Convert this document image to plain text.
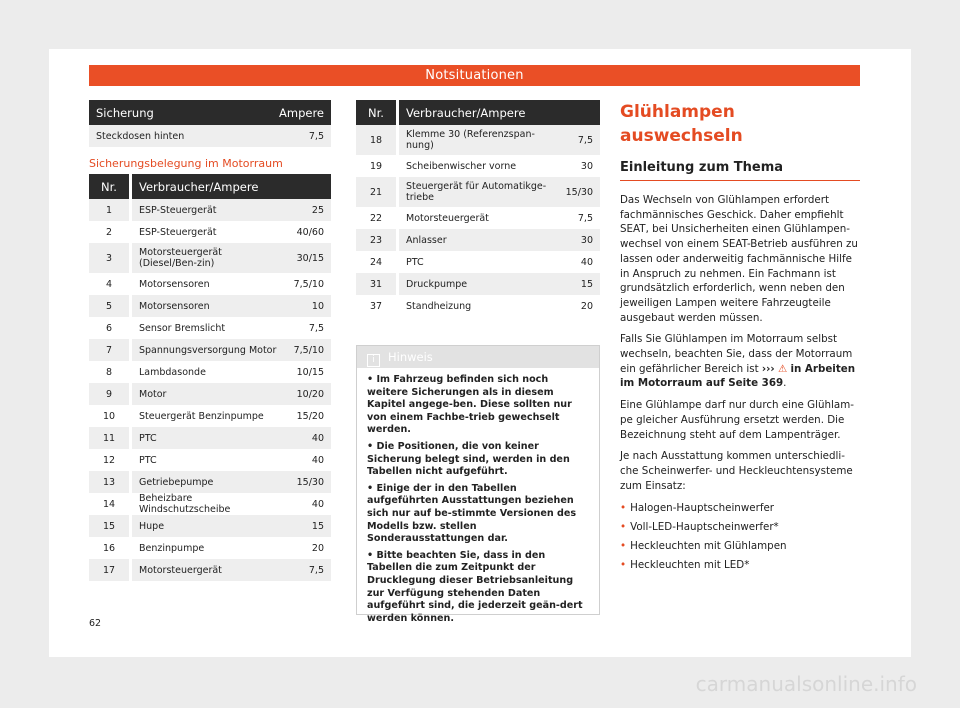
Notsituationen
Sicherung	Ampere
Steckdosen hinten	7,5
Sicherungsbelegung im Motorraum
Nr.	Verbraucher/Ampere	
1	ESP-Steuergerät	25
2	ESP-Steuergerät	40/60
3	Motorsteuergerät (Diesel/Ben-zin)	30/15
4	Motorsensoren	7,5/10
5	Motorsensoren	10
6	Sensor Bremslicht	7,5
7	Spannungsversorgung Motor	7,5/10
8	Lambdasonde	10/15
9	Motor	10/20
10	Steuergerät Benzinpumpe	15/20
11	PTC	40
12	PTC	40
13	Getriebepumpe	15/30
14	Beheizbare Windschutzscheibe	40
15	Hupe	15
16	Benzinpumpe	20
17	Motorsteuergerät	7,5
Nr.	Verbraucher/Ampere	
18	Klemme 30 (Referenzspan-nung)	7,5
19	Scheibenwischer vorne	30
21	Steuergerät für Automatikge-triebe	15/30
22	Motorsteuergerät	7,5
23	Anlasser	30
24	PTC	40
31	Druckpumpe	15
37	Standheizung	20
i Hinweis

• Im Fahrzeug befinden sich noch weitere Sicherungen als in diesem Kapitel angege-ben. Diese sollten nur von einem Fachbe-trieb gewechselt werden.

• Die Positionen, die von keiner Sicherung belegt sind, werden in den Tabellen nicht aufgeführt.

• Einige der in den Tabellen aufgeführten Ausstattungen beziehen sich nur auf be-stimmte Versionen des Modells bzw. stellen Sonderausstattungen dar.

• Bitte beachten Sie, dass in den Tabellen die zum Zeitpunkt der Drucklegung dieser Betriebsanleitung zur Verfügung stehenden Daten aufgeführt sind, die jederzeit geän-dert werden können.

Glühlampen auswechseln
Einleitung zum Thema

Das Wechseln von Glühlampen erfordert fachmännisches Geschick. Daher empfiehlt SEAT, bei Unsicherheiten einen Glühlampen-wechsel von einem SEAT-Betrieb ausführen zu lassen oder anderweitig fachmännische Hilfe in Anspruch zu nehmen. Ein Fachmann ist grundsätzlich erforderlich, wenn neben den jeweiligen Lampen weitere Fahrzeugteile ausgebaut werden müssen.

Falls Sie Glühlampen im Motorraum selbst wechseln, beachten Sie, dass der Motorraum ein gefährlicher Bereich ist ››› ⚠ in Arbeiten im Motorraum auf Seite 369.

Eine Glühlampe darf nur durch eine Glühlam-pe gleicher Ausführung ersetzt werden. Die Bezeichnung steht auf dem Lampenträger.

Je nach Ausstattung kommen unterschiedli-che Scheinwerfer- und Heckleuchtensysteme zum Einsatz:

• Halogen-Hauptscheinwerfer
• Voll-LED-Hauptscheinwerfer*
• Heckleuchten mit Glühlampen
• Heckleuchten mit LED*
62
carmanualsonline.info
